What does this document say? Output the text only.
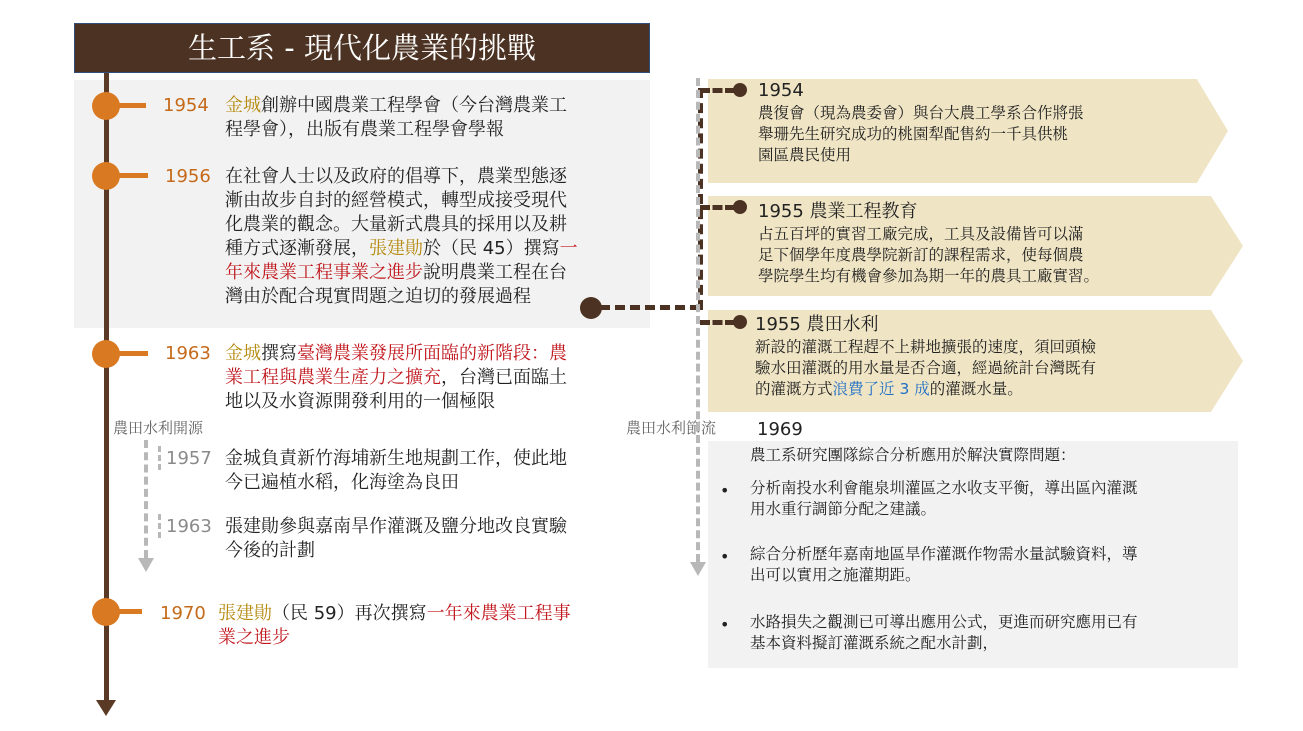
生工系 - 現代化農業的挑戰
1954 金城創辦中國農業工程學會（今台灣農業工
程學會），出版有農業工程學會學報
1956 在社會人士以及政府的倡導下，農業型態逐
漸由故步自封的經營模式，轉型成接受現代
化農業的觀念。大量新式農具的採用以及耕
種方式逐漸發展，張建勛於（民 45）撰寫一
年來農業工程事業之進步說明農業工程在台
灣由於配合現實問題之迫切的發展過程
1963 金城撰寫臺灣農業發展所面臨的新階段：農
業工程與農業生產力之擴充，台灣已面臨土
地以及水資源開發利用的一個極限
農田水利開源
1957 金城負責新竹海埔新生地規劃工作，使此地
今已遍植水稻，化海塗為良田
1963 張建勛參與嘉南旱作灌溉及鹽分地改良實驗
今後的計劃
1970 張建勛（民 59）再次撰寫一年來農業工程事
業之進步
1954
農復會（現為農委會）與台大農工學系合作將張
舉珊先生研究成功的桃園犁配售約一千具供桃
園區農民使用
1955 農業工程教育
占五百坪的實習工廠完成，工具及設備皆可以滿
足下個學年度農學院新訂的課程需求，使每個農
學院學生均有機會參加為期一年的農具工廠實習。
1955 農田水利
新設的灌溉工程趕不上耕地擴張的速度，須回頭檢
驗水田灌溉的用水量是否合適，經過統計台灣既有
的灌溉方式浪費了近 3 成的灌溉水量。
農田水利節流 1969
農工系研究團隊綜合分析應用於解決實際問題：
• 分析南投水利會龍泉圳灌區之水收支平衡，導出區內灌溉
用水重行調節分配之建議。
• 綜合分析歷年嘉南地區旱作灌溉作物需水量試驗資料，導
出可以實用之施灌期距。
• 水路損失之觀測已可導出應用公式，更進而研究應用已有
基本資料擬訂灌溉系統之配水計劃，
